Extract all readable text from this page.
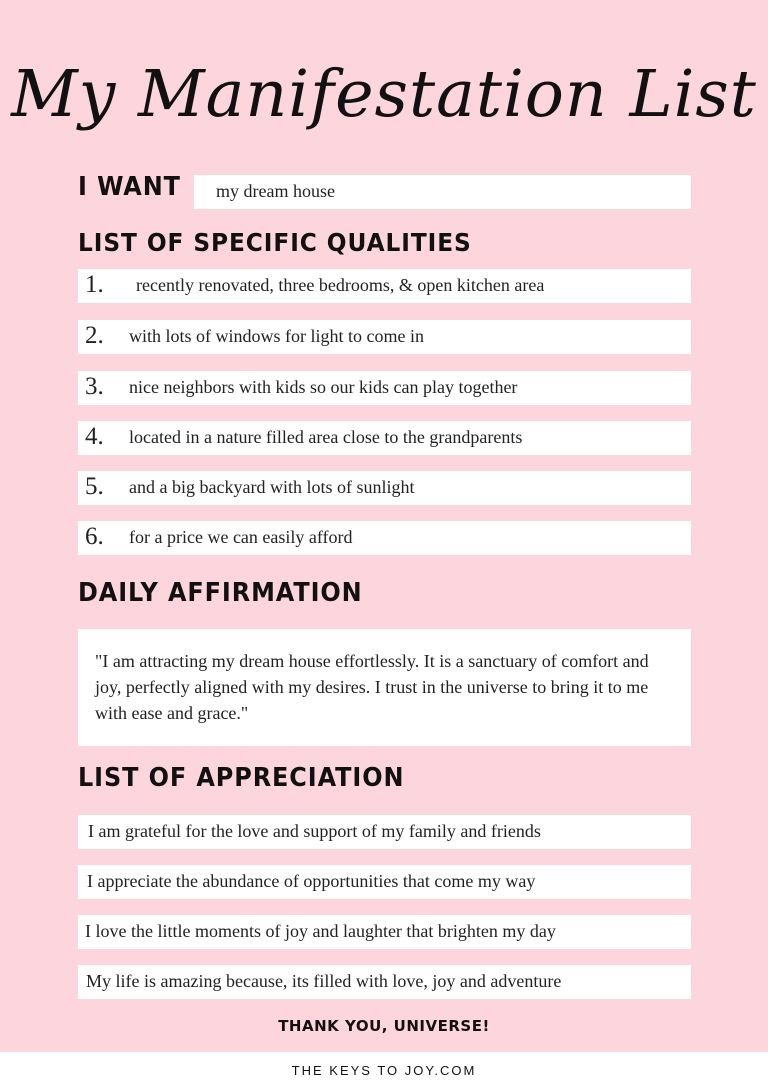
My Manifestation List
I WANT my dream house
LIST OF SPECIFIC QUALITIES
1. recently renovated, three bedrooms, & open kitchen area
2. with lots of windows for light to come in
3. nice neighbors with kids so our kids can play together
4. located in a nature filled area close to the grandparents
5. and a big backyard with lots of sunlight
6. for a price we can easily afford
DAILY AFFIRMATION
"I am attracting my dream house effortlessly. It is a sanctuary of comfort and joy, perfectly aligned with my desires. I trust in the universe to bring it to me with ease and grace."
LIST OF APPRECIATION
I am grateful for the love and support of my family and friends
I appreciate the abundance of opportunities that come my way
I love the little moments of joy and laughter that brighten my day
My life is amazing because, its filled with love, joy and adventure
THANK YOU, UNIVERSE!
THE KEYS TO JOY.COM
